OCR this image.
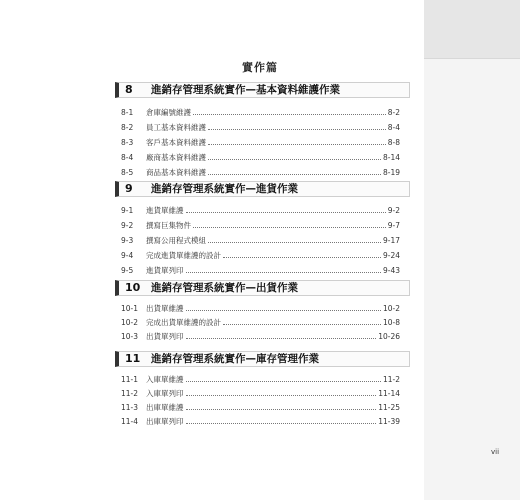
實作篇
8 進銷存管理系統實作—基本資料維護作業
8-1	倉庫編號維護	8-2
8-2	員工基本資料維護	8-4
8-3	客戶基本資料維護	8-8
8-4	廠商基本資料維護	8-14
8-5	商品基本資料維護	8-19
9 進銷存管理系統實作—進貨作業
9-1	進貨單維護	9-2
9-2	撰寫巨集物件	9-7
9-3	撰寫公用程式模組	9-17
9-4	完成進貨單維護的設計	9-24
9-5	進貨單列印	9-43
10 進銷存管理系統實作—出貨作業
10-1	出貨單維護	10-2
10-2	完成出貨單維護的設計	10-8
10-3	出貨單列印	10-26
11 進銷存管理系統實作—庫存管理作業
11-1	入庫單維護	11-2
11-2	入庫單列印	11-14
11-3	出庫單維護	11-25
11-4	出庫單列印	11-39
vii
